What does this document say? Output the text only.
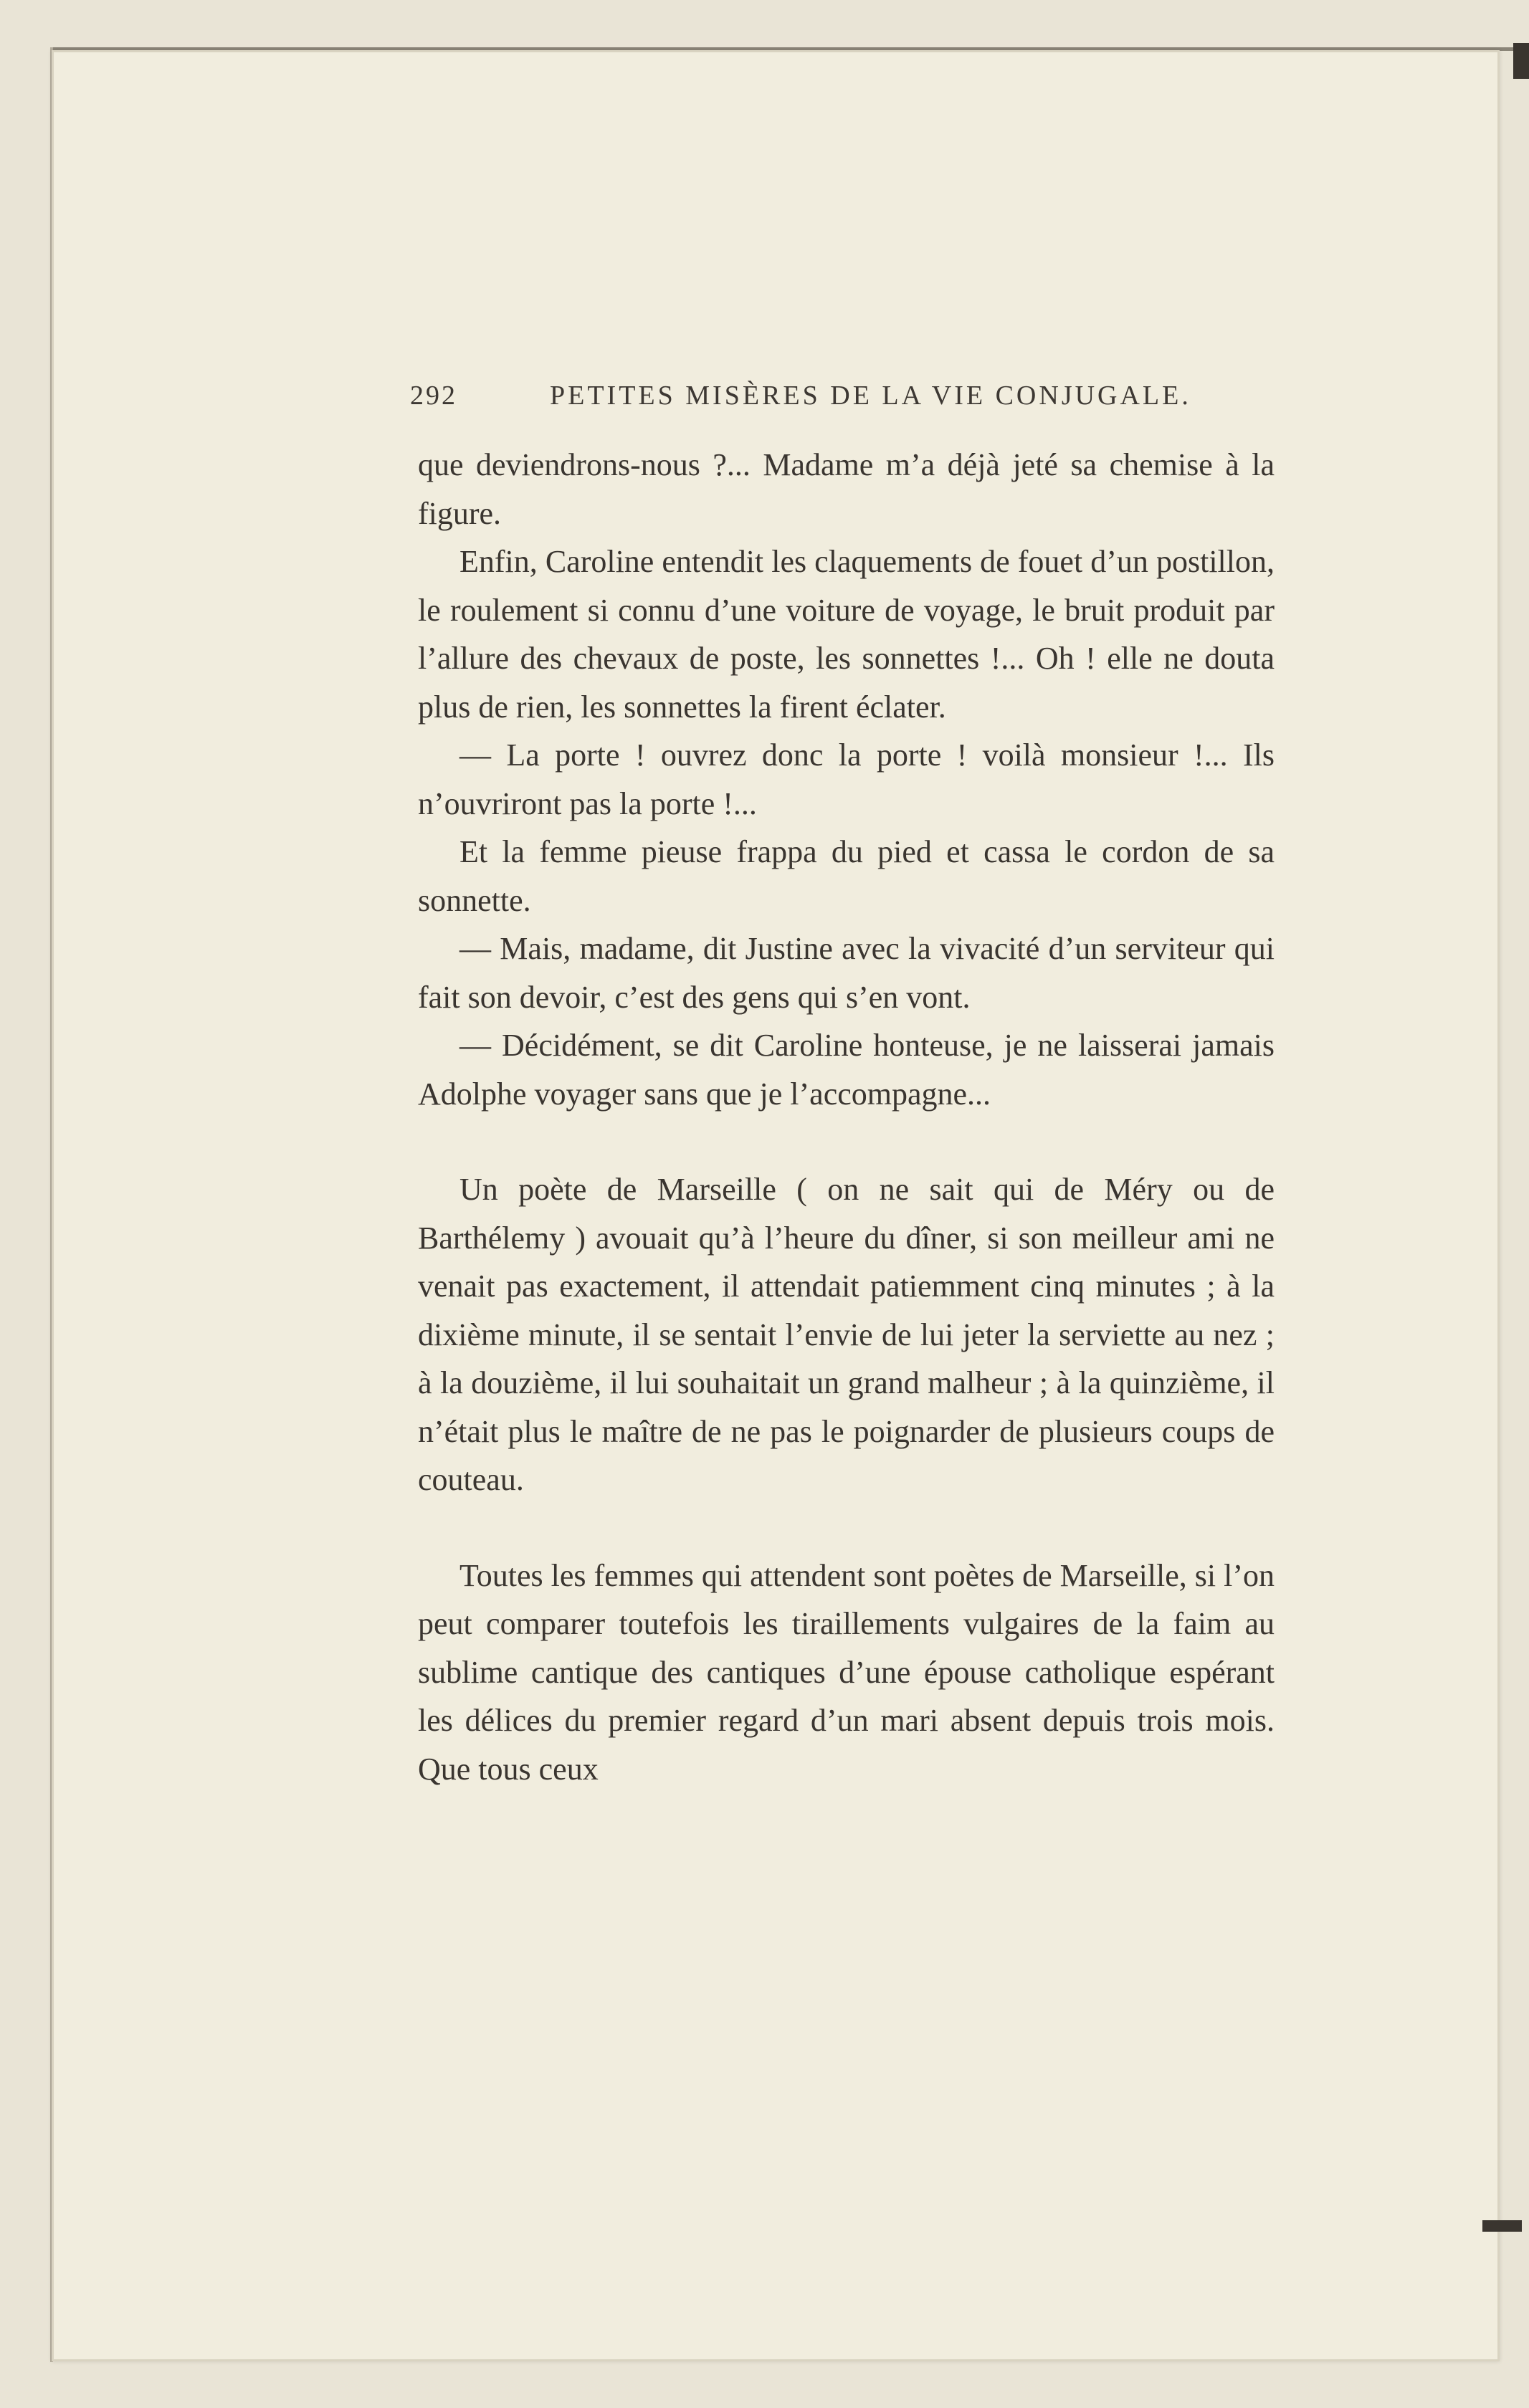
292	PETITES MISÈRES DE LA VIE CONJUGALE.

que deviendrons-nous ?... Madame m’a déjà jeté sa chemise à la figure.

Enfin, Caroline entendit les claquements de fouet d’un postillon, le roulement si connu d’une voiture de voyage, le bruit produit par l’allure des chevaux de poste, les sonnettes !... Oh ! elle ne douta plus de rien, les sonnettes la firent éclater.

— La porte ! ouvrez donc la porte ! voilà monsieur !... Ils n’ouvriront pas la porte !...

Et la femme pieuse frappa du pied et cassa le cordon de sa sonnette.

— Mais, madame, dit Justine avec la vivacité d’un serviteur qui fait son devoir, c’est des gens qui s’en vont.

— Décidément, se dit Caroline honteuse, je ne laisserai jamais Adolphe voyager sans que je l’accompagne...

Un poète de Marseille ( on ne sait qui de Méry ou de Barthélemy ) avouait qu’à l’heure du dîner, si son meilleur ami ne venait pas exactement, il attendait patiemment cinq minutes ; à la dixième minute, il se sentait l’envie de lui jeter la serviette au nez ; à la douzième, il lui souhaitait un grand malheur ; à la quinzième, il n’était plus le maître de ne pas le poignarder de plusieurs coups de couteau.

Toutes les femmes qui attendent sont poètes de Marseille, si l’on peut comparer toutefois les tiraillements vulgaires de la faim au sublime cantique des cantiques d’une épouse catholique espérant les délices du premier regard d’un mari absent depuis trois mois. Que tous ceux
